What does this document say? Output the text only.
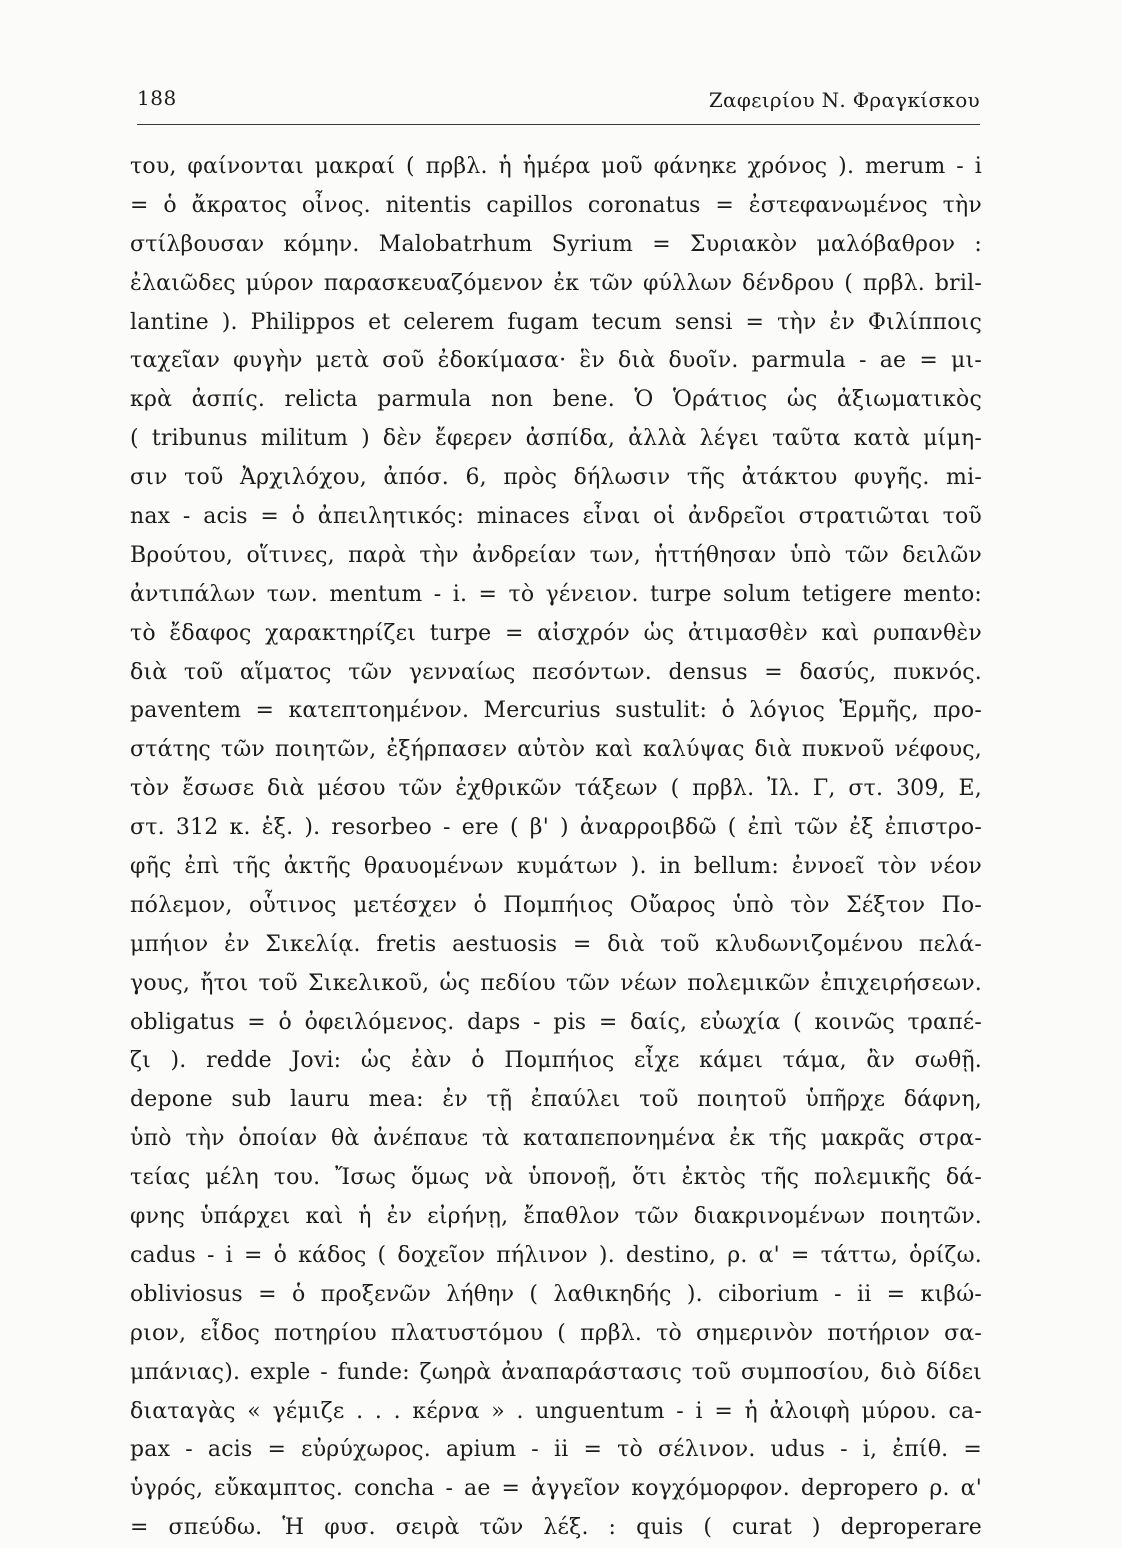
188	Ζαφειρίου Ν. Φραγκίσκου
του, φαίνονται μακραί ( πρβλ. ἡ ἡμέρα μοῦ φάνηκε χρόνος ). merum - i
= ὁ ἄκρατος οἶνος. nitentis capillos coronatus = ἐστεφανωμένος τὴν
στίλβουσαν κόμην. Malobatrhum Syrium = Συριακὸν μαλόβαθρον :
ἐλαιῶδες μύρον παρασκευαζόμενον ἐκ τῶν φύλλων δένδρου ( πρβλ. bril-
lantine ). Philippos et celerem fugam tecum sensi = τὴν ἐν Φιλίπποις
ταχεῖαν φυγὴν μετὰ σοῦ ἐδοκίμασα· ἓν διὰ δυοῖν. parmula - ae = μι-
κρὰ ἀσπίς. relicta parmula non bene. Ὁ Ὁράτιος ὡς ἀξιωματικὸς
( tribunus militum ) δὲν ἔφερεν ἀσπίδα, ἀλλὰ λέγει ταῦτα κατὰ μίμη-
σιν τοῦ Ἀρχιλόχου, ἀπόσ. 6, πρὸς δήλωσιν τῆς ἀτάκτου φυγῆς. mi-
nax - acis = ὁ ἀπειλητικός: minaces εἶναι οἱ ἀνδρεῖοι στρατιῶται τοῦ
Βρούτου, οἵτινες, παρὰ τὴν ἀνδρείαν των, ἡττήθησαν ὑπὸ τῶν δειλῶν
ἀντιπάλων των. mentum - i. = τὸ γένειον. turpe solum tetigere mento:
τὸ ἔδαφος χαρακτηρίζει turpe = αἰσχρόν ὡς ἀτιμασθὲν καὶ ρυπανθὲν
διὰ τοῦ αἵματος τῶν γενναίως πεσόντων. densus = δασύς, πυκνός.
paventem = κατεπτοημένον. Mercurius sustulit: ὁ λόγιος Ἑρμῆς, προ-
στάτης τῶν ποιητῶν, ἐξήρπασεν αὐτὸν καὶ καλύψας διὰ πυκνοῦ νέφους,
τὸν ἔσωσε διὰ μέσου τῶν ἐχθρικῶν τάξεων ( πρβλ. Ἰλ. Γ, στ. 309, Ε,
στ. 312 κ. ἑξ. ). resorbeo - ere ( β' ) ἀναρροιβδῶ ( ἐπὶ τῶν ἐξ ἐπιστρο-
φῆς ἐπὶ τῆς ἀκτῆς θραυομένων κυμάτων ). in bellum: ἐννοεῖ τὸν νέον
πόλεμον, οὗτινος μετέσχεν ὁ Πομπήιος Οὔαρος ὑπὸ τὸν Σέξτον Πο-
μπήιον ἐν Σικελίᾳ. fretis aestuosis = διὰ τοῦ κλυδωνιζομένου πελά-
γους, ἤτοι τοῦ Σικελικοῦ, ὡς πεδίου τῶν νέων πολεμικῶν ἐπιχειρήσεων.
obligatus = ὁ ὀφειλόμενος. daps - pis = δαίς, εὐωχία ( κοινῶς τραπέ-
ζι ). redde Jovi: ὡς ἐὰν ὁ Πομπήιος εἶχε κάμει τάμα, ἂν σωθῇ.
depone sub lauru mea: ἐν τῇ ἐπαύλει τοῦ ποιητοῦ ὑπῆρχε δάφνη,
ὑπὸ τὴν ὁποίαν θὰ ἀνέπαυε τὰ καταπεπονημένα ἐκ τῆς μακρᾶς στρα-
τείας μέλη του. Ἴσως ὅμως νὰ ὑπονοῇ, ὅτι ἐκτὸς τῆς πολεμικῆς δά-
φνης ὑπάρχει καὶ ἡ ἐν εἰρήνῃ, ἔπαθλον τῶν διακρινομένων ποιητῶν.
cadus - i = ὁ κάδος ( δοχεῖον πήλινον ). destino, ρ. α' = τάττω, ὁρίζω.
obliviosus = ὁ προξενῶν λήθην ( λαθικηδής ). ciborium - ii = κιβώ-
ριον, εἶδος ποτηρίου πλατυστόμου ( πρβλ. τὸ σημερινὸν ποτήριον σα-
μπάνιας). exple - funde: ζωηρὰ ἀναπαράστασις τοῦ συμποσίου, διὸ δίδει
διαταγὰς « γέμιζε . . . κέρνα » . unguentum - i = ἡ ἀλοιφὴ μύρου. ca-
pax - acis = εὐρύχωρος. apium - ii = τὸ σέλινον. udus - i, ἐπίθ. =
ὑγρός, εὔκαμπτος. concha - ae = ἀγγεῖον κογχόμορφον. depropero ρ. α'
= σπεύδω. Ἡ φυσ. σειρὰ τῶν λέξ. : quis ( curat ) deproperare
